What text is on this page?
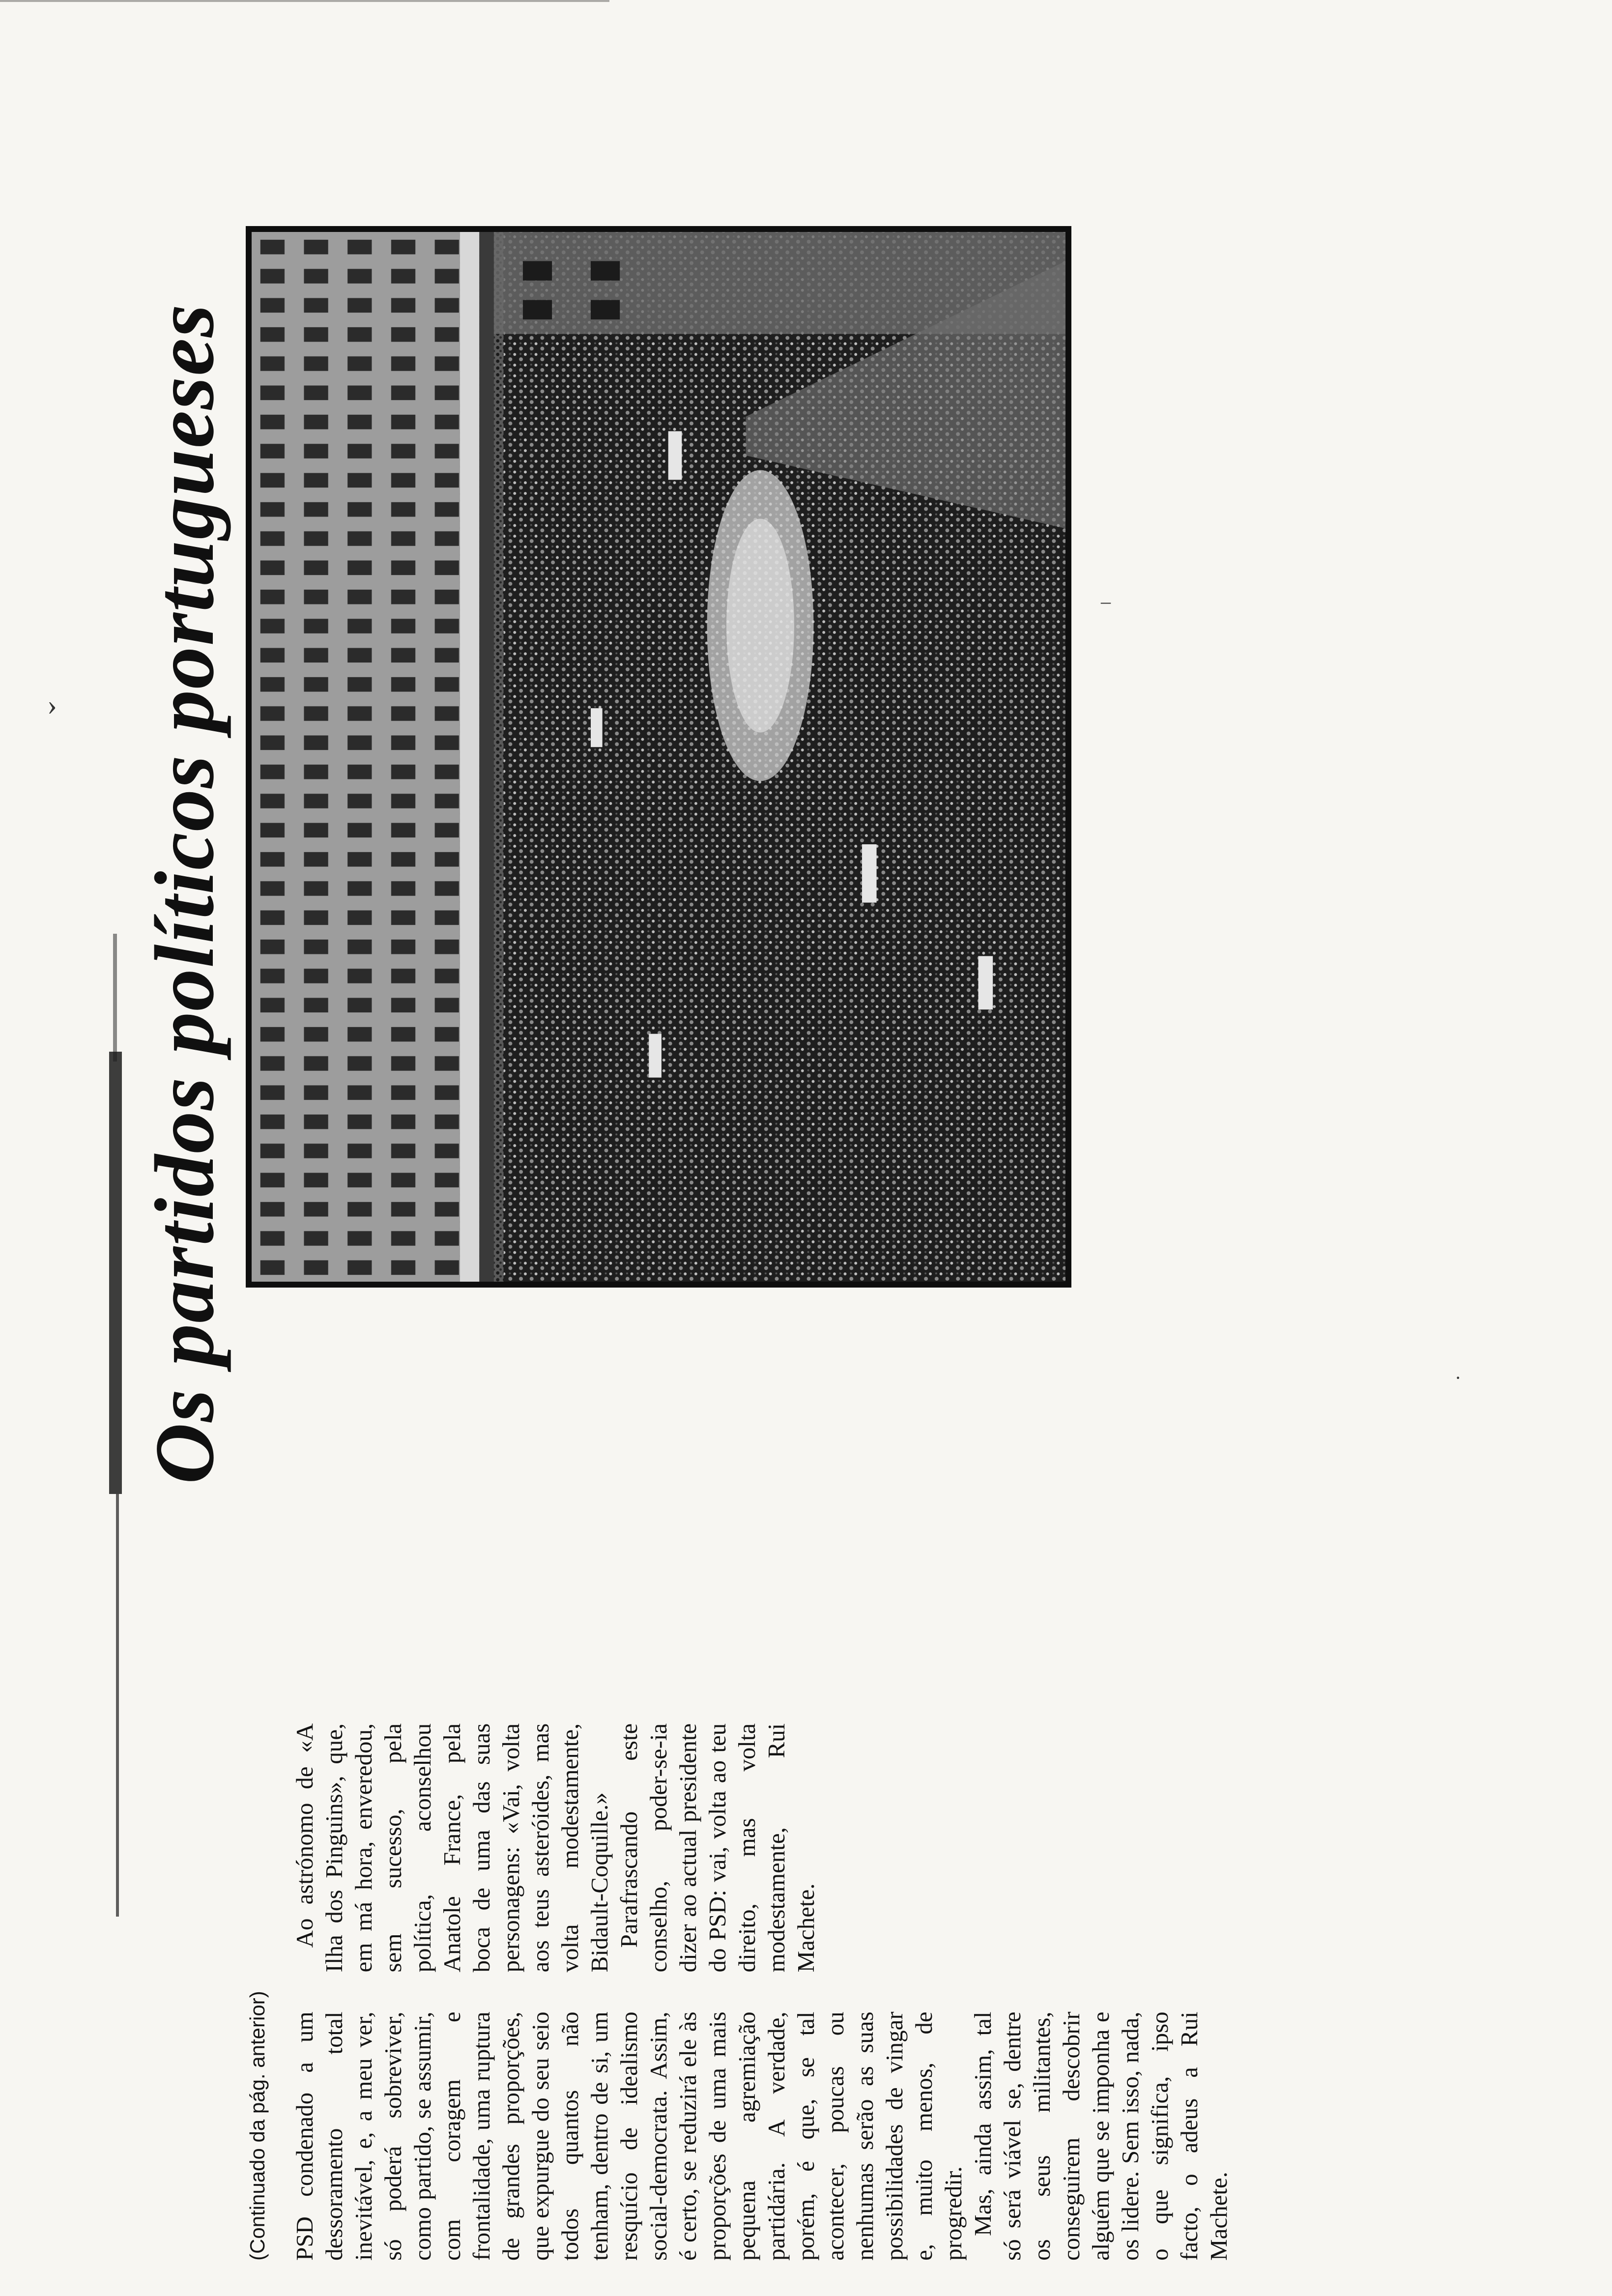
›
–
·
Os partidos políticos portugueses
(Continuado da pág. anterior) PSD condenado a um dessoramento total inevitável, e, a meu ver, só poderá sobreviver, como partido, se assumir, com coragem e frontalidade, uma ruptura de grandes proporções, que expurgue do seu seio todos quantos não tenham, dentro de si, um resquício de idealismo social-democrata. Assim, é certo, se reduzirá ele às proporções de uma mais pequena agremiação partidária. A verdade, porém, é que, se tal acontecer, poucas ou nenhumas serão as suas possibilidades de vingar e, muito menos, de progredir. Mas, ainda assim, tal só será viável se, dentre os seus militantes, conseguirem descobrir alguém que se imponha e os lidere. Sem isso, nada, o que significa, ipso facto, o adeus a Rui Machete.

Ao astrónomo de «A Ilha dos Pinguins», que, em má hora, enveredou, sem sucesso, pela política, aconselhou Anatole France, pela boca de uma das suas personagens: «Vai, volta aos teus asteróides, mas volta modestamente, Bidault-Coquille.» Parafrascando este conselho, poder-se-ia dizer ao actual presidente do PSD: vai, volta ao teu direito, mas volta modestamente, Rui Machete.
